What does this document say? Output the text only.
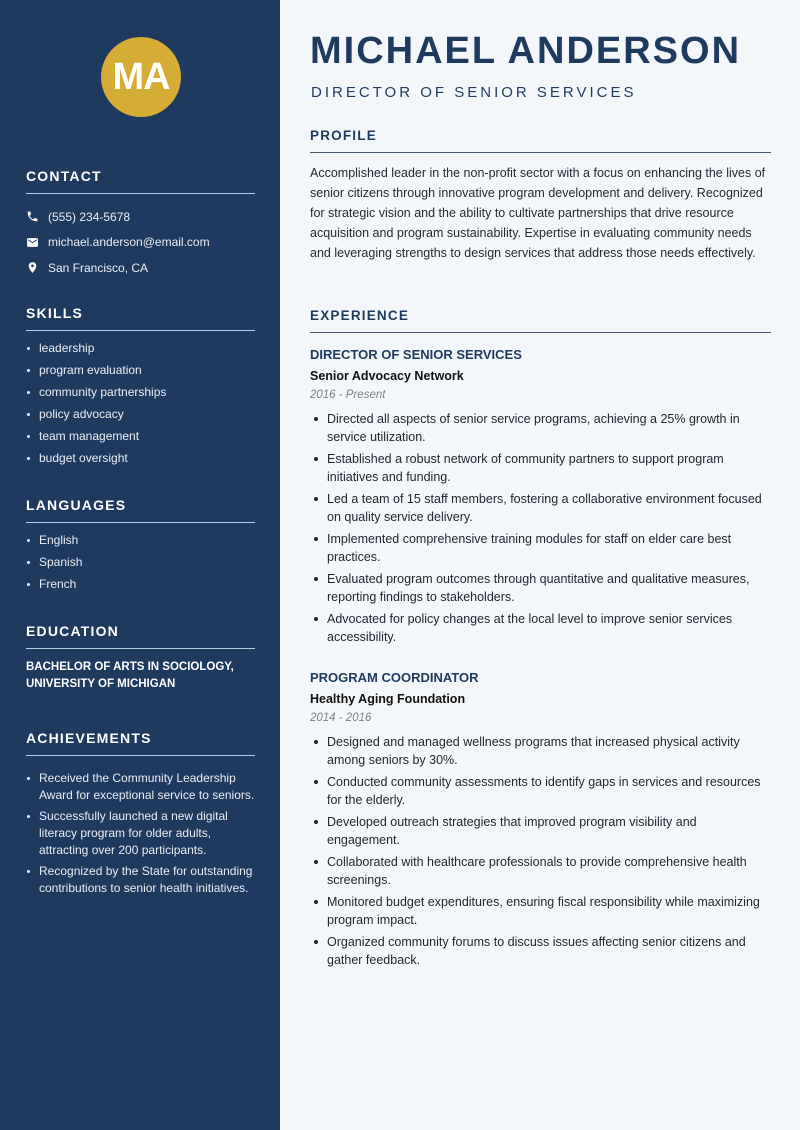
MA
CONTACT
(555) 234-5678
michael.anderson@email.com
San Francisco, CA
SKILLS
leadership
program evaluation
community partnerships
policy advocacy
team management
budget oversight
LANGUAGES
English
Spanish
French
EDUCATION

BACHELOR OF ARTS IN SOCIOLOGY, UNIVERSITY OF MICHIGAN

ACHIEVEMENTS
Received the Community Leadership Award for exceptional service to seniors.
Successfully launched a new digital literacy program for older adults, attracting over 200 participants.
Recognized by the State for outstanding contributions to senior health initiatives.
MICHAEL ANDERSON
DIRECTOR OF SENIOR SERVICES
PROFILE

Accomplished leader in the non-profit sector with a focus on enhancing the lives of senior citizens through innovative program development and delivery. Recognized for strategic vision and the ability to cultivate partnerships that drive resource acquisition and program sustainability. Expertise in evaluating community needs and leveraging strengths to design services that address those needs effectively.

EXPERIENCE
DIRECTOR OF SENIOR SERVICES
Senior Advocacy Network
2016 - Present
Directed all aspects of senior service programs, achieving a 25% growth in service utilization.
Established a robust network of community partners to support program initiatives and funding.
Led a team of 15 staff members, fostering a collaborative environment focused on quality service delivery.
Implemented comprehensive training modules for staff on elder care best practices.
Evaluated program outcomes through quantitative and qualitative measures, reporting findings to stakeholders.
Advocated for policy changes at the local level to improve senior services accessibility.
PROGRAM COORDINATOR
Healthy Aging Foundation
2014 - 2016
Designed and managed wellness programs that increased physical activity among seniors by 30%.
Conducted community assessments to identify gaps in services and resources for the elderly.
Developed outreach strategies that improved program visibility and engagement.
Collaborated with healthcare professionals to provide comprehensive health screenings.
Monitored budget expenditures, ensuring fiscal responsibility while maximizing program impact.
Organized community forums to discuss issues affecting senior citizens and gather feedback.
